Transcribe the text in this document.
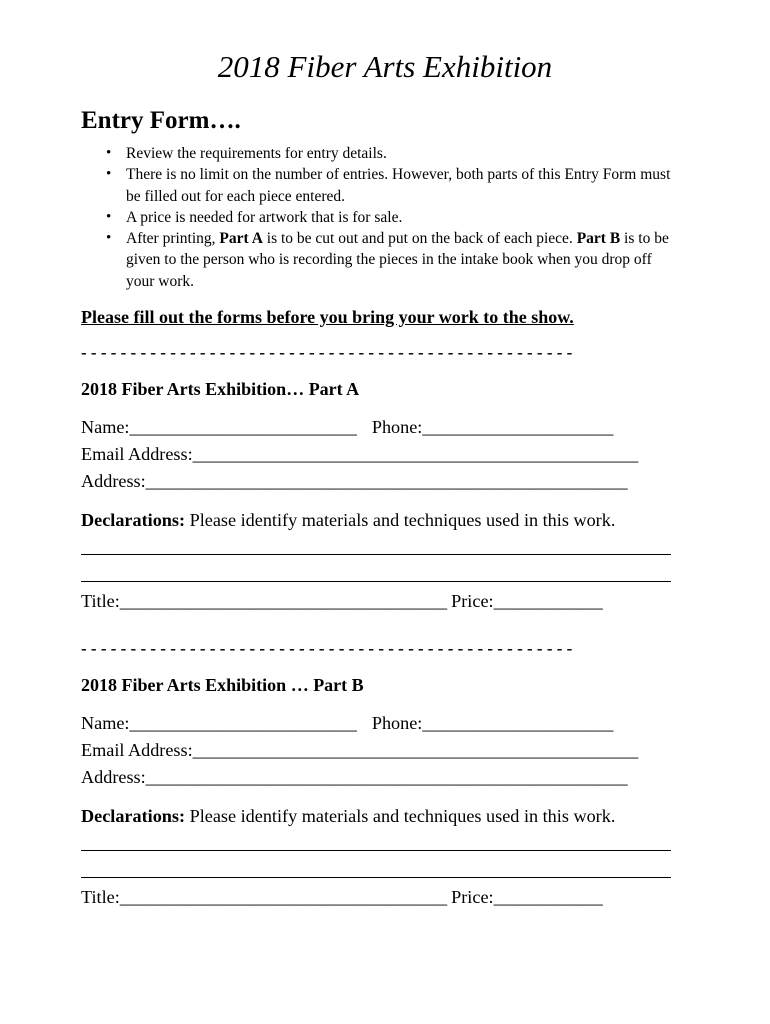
2018 Fiber Arts Exhibition
Entry Form….
• Review the requirements for entry details.
• There is no limit on the number of entries. However, both parts of this Entry Form must be filled out for each piece entered.
• A price is needed for artwork that is for sale.
• After printing, Part A is to be cut out and put on the back of each piece. Part B is to be given to the person who is recording the pieces in the intake book when you drop off your work.
Please fill out the forms before you bring your work to the show.
- - - - - - - - - - - - - - - - - - - - - - - - - - - - - - - - - - - - - - - - - - - - - - - - - -
2018 Fiber Arts Exhibition… Part A
Name:_________________________ Phone:_____________________
Email Address:_________________________________________________
Address:_____________________________________________________
Declarations: Please identify materials and techniques used in this work.
Title:____________________________________ Price:____________
- - - - - - - - - - - - - - - - - - - - - - - - - - - - - - - - - - - - - - - - - - - - - - - - - -
2018 Fiber Arts Exhibition … Part B
Name:_________________________ Phone:_____________________
Email Address:_________________________________________________
Address:_____________________________________________________
Declarations: Please identify materials and techniques used in this work.
Title:____________________________________ Price:____________
